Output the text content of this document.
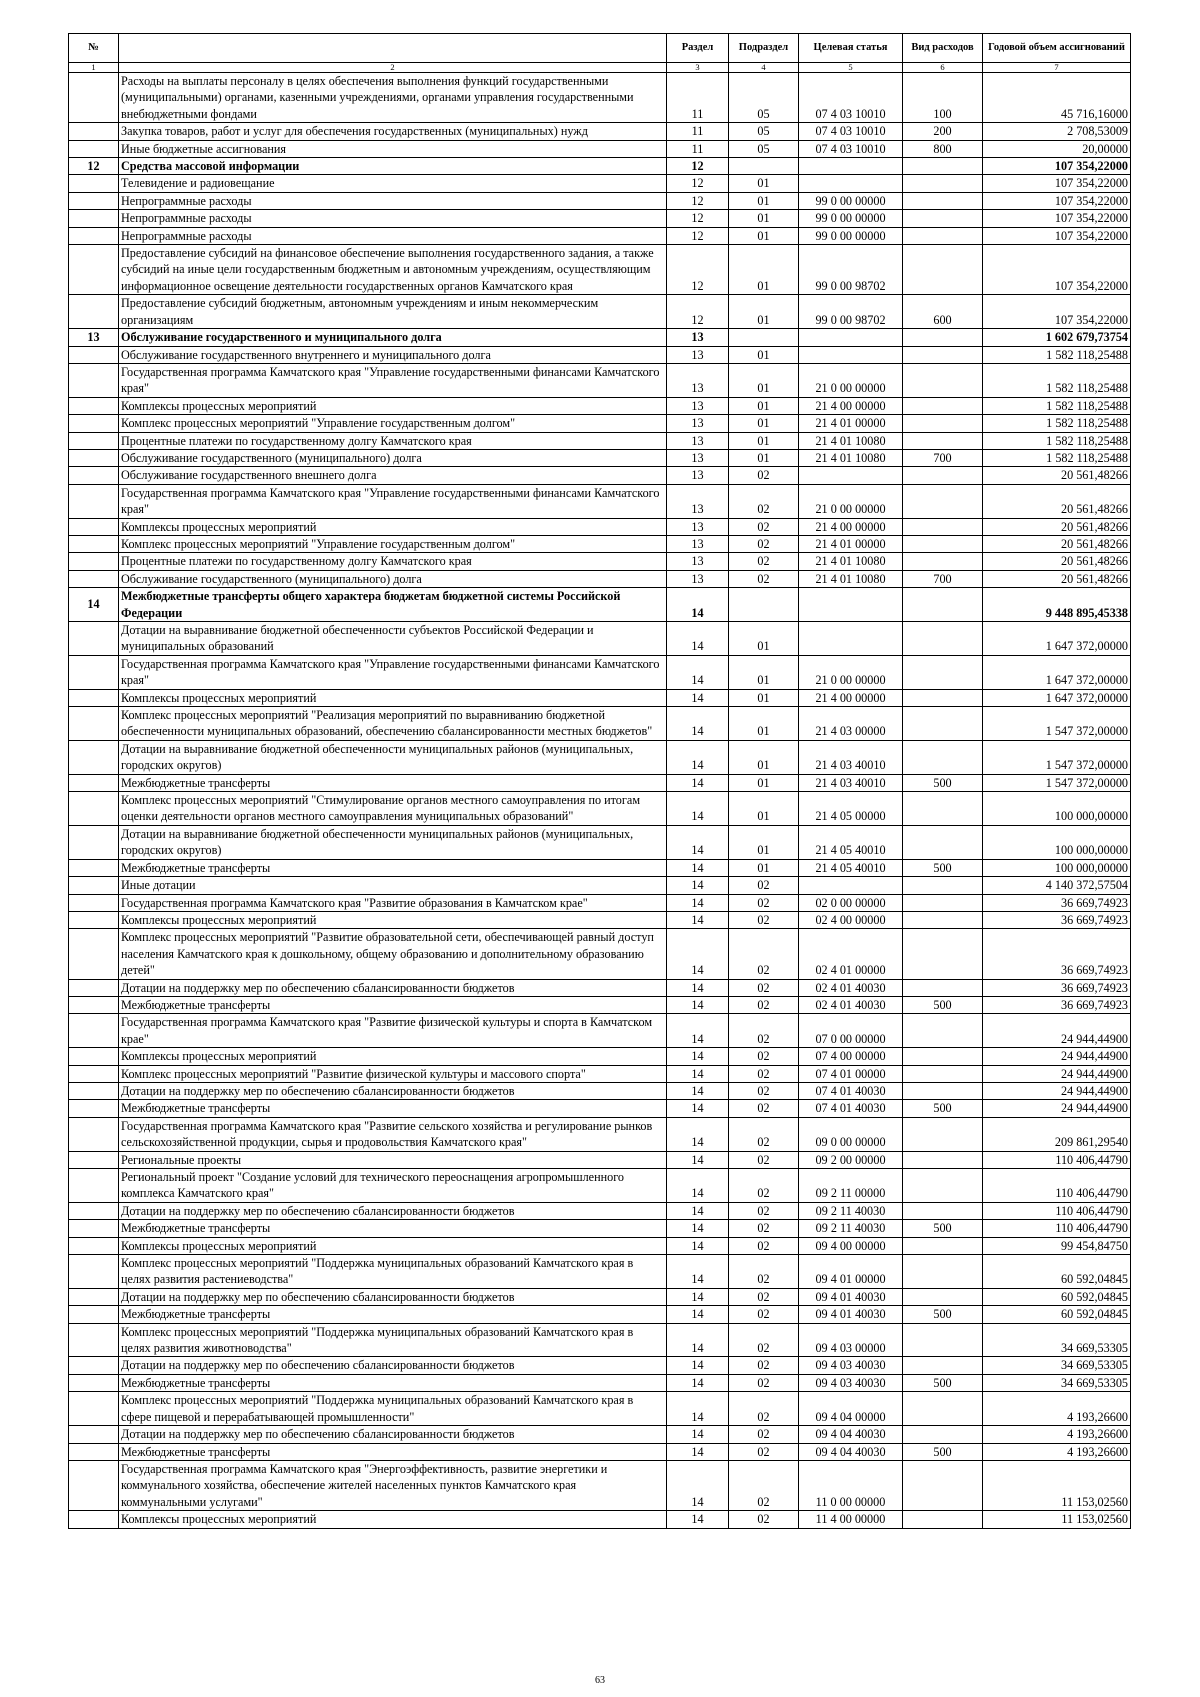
№		Раздел	Подраздел	Целевая статья	Вид расходов	Годовой объем ассигнований
1	2	3	4	5	6	7
	Расходы на выплаты персоналу в целях обеспечения выполнения функций государственными (муниципальными) органами, казенными учреждениями, органами управления государственными внебюджетными фондами	11	05	07 4 03 10010	100	45 716,16000
	Закупка товаров, работ и услуг для обеспечения государственных (муниципальных) нужд	11	05	07 4 03 10010	200	2 708,53009
	Иные бюджетные ассигнования	11	05	07 4 03 10010	800	20,00000
12	Средства массовой информации	12				107 354,22000
	Телевидение и радиовещание	12	01			107 354,22000
	Непрограммные расходы	12	01	99 0 00 00000		107 354,22000
	Непрограммные расходы	12	01	99 0 00 00000		107 354,22000
	Непрограммные расходы	12	01	99 0 00 00000		107 354,22000
	Предоставление субсидий на финансовое обеспечение выполнения государственного задания, а также субсидий на иные цели государственным бюджетным и автономным учреждениям, осуществляющим информационное освещение деятельности государственных органов Камчатского края	12	01	99 0 00 98702		107 354,22000
	Предоставление субсидий бюджетным, автономным учреждениям и иным некоммерческим организациям	12	01	99 0 00 98702	600	107 354,22000
13	Обслуживание государственного и муниципального долга	13				1 602 679,73754
	Обслуживание государственного внутреннего и муниципального долга	13	01			1 582 118,25488
	Государственная программа Камчатского края "Управление государственными финансами Камчатского края"	13	01	21 0 00 00000		1 582 118,25488
	Комплексы процессных мероприятий	13	01	21 4 00 00000		1 582 118,25488
	Комплекс процессных мероприятий "Управление государственным долгом"	13	01	21 4 01 00000		1 582 118,25488
	Процентные платежи по государственному долгу Камчатского края	13	01	21 4 01 10080		1 582 118,25488
	Обслуживание государственного (муниципального) долга	13	01	21 4 01 10080	700	1 582 118,25488
	Обслуживание государственного внешнего долга	13	02			20 561,48266
	Государственная программа Камчатского края "Управление государственными финансами Камчатского края"	13	02	21 0 00 00000		20 561,48266
	Комплексы процессных мероприятий	13	02	21 4 00 00000		20 561,48266
	Комплекс процессных мероприятий "Управление государственным долгом"	13	02	21 4 01 00000		20 561,48266
	Процентные платежи по государственному долгу Камчатского края	13	02	21 4 01 10080		20 561,48266
	Обслуживание государственного (муниципального) долга	13	02	21 4 01 10080	700	20 561,48266
14	Межбюджетные трансферты общего характера бюджетам бюджетной системы Российской Федерации	14				9 448 895,45338
	Дотации на выравнивание бюджетной обеспеченности субъектов Российской Федерации и муниципальных образований	14	01			1 647 372,00000
	Государственная программа Камчатского края "Управление государственными финансами Камчатского края"	14	01	21 0 00 00000		1 647 372,00000
	Комплексы процессных мероприятий	14	01	21 4 00 00000		1 647 372,00000
	Комплекс процессных мероприятий "Реализация мероприятий по выравниванию бюджетной обеспеченности муниципальных образований, обеспечению сбалансированности местных бюджетов"	14	01	21 4 03 00000		1 547 372,00000
	Дотации на выравнивание бюджетной обеспеченности муниципальных районов (муниципальных, городских округов)	14	01	21 4 03 40010		1 547 372,00000
	Межбюджетные трансферты	14	01	21 4 03 40010	500	1 547 372,00000
	Комплекс процессных мероприятий "Стимулирование органов местного самоуправления по итогам оценки деятельности органов местного самоуправления муниципальных образований"	14	01	21 4 05 00000		100 000,00000
	Дотации на выравнивание бюджетной обеспеченности муниципальных районов (муниципальных, городских округов)	14	01	21 4 05 40010		100 000,00000
	Межбюджетные трансферты	14	01	21 4 05 40010	500	100 000,00000
	Иные дотации	14	02			4 140 372,57504
	Государственная программа Камчатского края "Развитие образования в Камчатском крае"	14	02	02 0 00 00000		36 669,74923
	Комплексы процессных мероприятий	14	02	02 4 00 00000		36 669,74923
	Комплекс процессных мероприятий "Развитие образовательной сети, обеспечивающей равный доступ населения Камчатского края к дошкольному, общему образованию и дополнительному образованию детей"	14	02	02 4 01 00000		36 669,74923
	Дотации на поддержку мер по обеспечению сбалансированности бюджетов	14	02	02 4 01 40030		36 669,74923
	Межбюджетные трансферты	14	02	02 4 01 40030	500	36 669,74923
	Государственная программа Камчатского края "Развитие физической культуры и спорта в Камчатском крае"	14	02	07 0 00 00000		24 944,44900
	Комплексы процессных мероприятий	14	02	07 4 00 00000		24 944,44900
	Комплекс процессных мероприятий "Развитие физической культуры и массового спорта"	14	02	07 4 01 00000		24 944,44900
	Дотации на поддержку мер по обеспечению сбалансированности бюджетов	14	02	07 4 01 40030		24 944,44900
	Межбюджетные трансферты	14	02	07 4 01 40030	500	24 944,44900
	Государственная программа Камчатского края "Развитие сельского хозяйства и регулирование рынков сельскохозяйственной продукции, сырья и продовольствия Камчатского края"	14	02	09 0 00 00000		209 861,29540
	Региональные проекты	14	02	09 2 00 00000		110 406,44790
	Региональный проект "Создание условий для технического переоснащения агропромышленного комплекса Камчатского края"	14	02	09 2 11 00000		110 406,44790
	Дотации на поддержку мер по обеспечению сбалансированности бюджетов	14	02	09 2 11 40030		110 406,44790
	Межбюджетные трансферты	14	02	09 2 11 40030	500	110 406,44790
	Комплексы процессных мероприятий	14	02	09 4 00 00000		99 454,84750
	Комплекс процессных мероприятий "Поддержка муниципальных образований Камчатского края в целях развития растениеводства"	14	02	09 4 01 00000		60 592,04845
	Дотации на поддержку мер по обеспечению сбалансированности бюджетов	14	02	09 4 01 40030		60 592,04845
	Межбюджетные трансферты	14	02	09 4 01 40030	500	60 592,04845
	Комплекс процессных мероприятий "Поддержка муниципальных образований Камчатского края в целях развития животноводства"	14	02	09 4 03 00000		34 669,53305
	Дотации на поддержку мер по обеспечению сбалансированности бюджетов	14	02	09 4 03 40030		34 669,53305
	Межбюджетные трансферты	14	02	09 4 03 40030	500	34 669,53305
	Комплекс процессных мероприятий "Поддержка муниципальных образований Камчатского края в сфере пищевой и перерабатывающей промышленности"	14	02	09 4 04 00000		4 193,26600
	Дотации на поддержку мер по обеспечению сбалансированности бюджетов	14	02	09 4 04 40030		4 193,26600
	Межбюджетные трансферты	14	02	09 4 04 40030	500	4 193,26600
	Государственная программа Камчатского края "Энергоэффективность, развитие энергетики и коммунального хозяйства, обеспечение жителей населенных пунктов Камчатского края коммунальными услугами"	14	02	11 0 00 00000		11 153,02560
	Комплексы процессных мероприятий	14	02	11 4 00 00000		11 153,02560
63
